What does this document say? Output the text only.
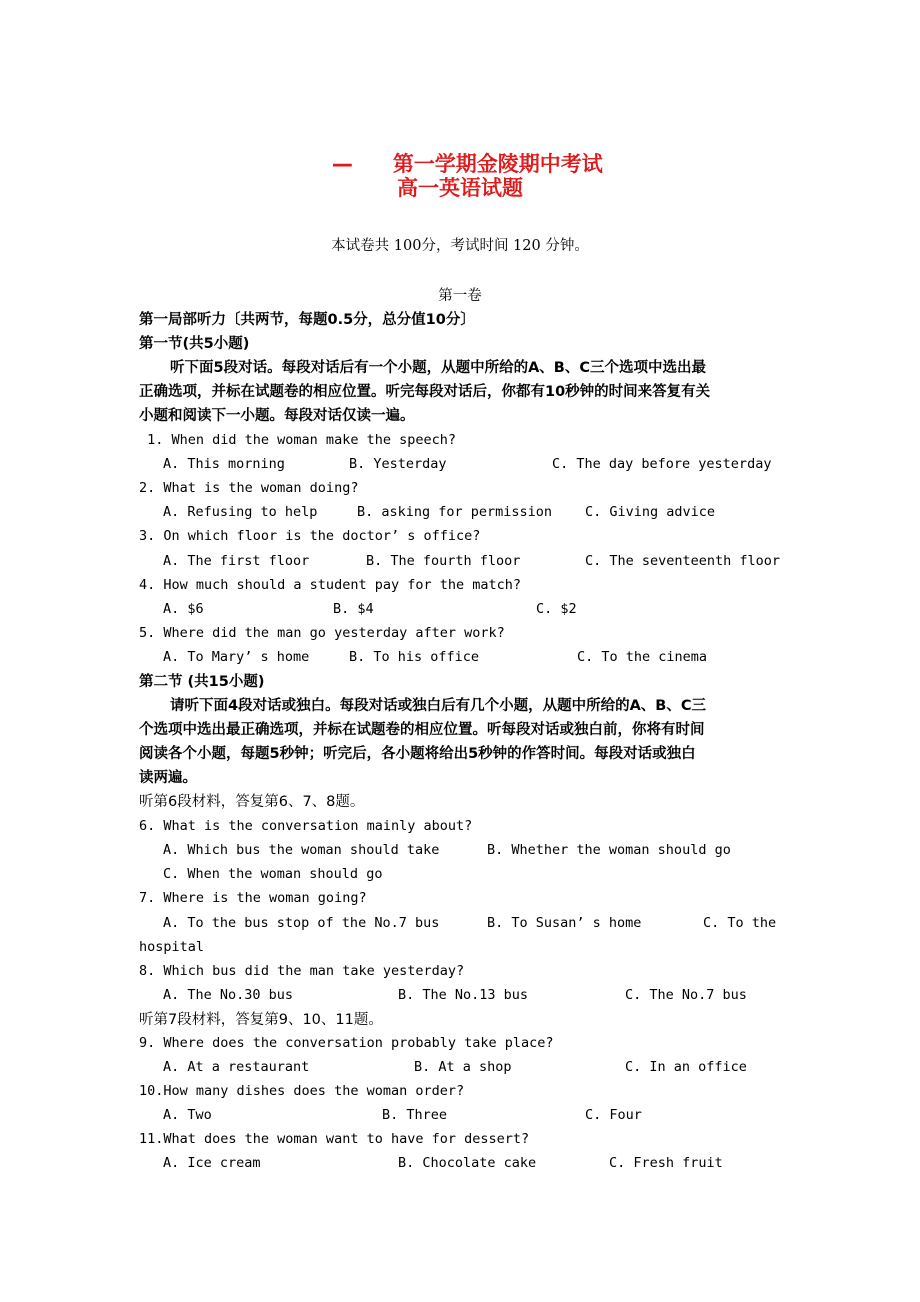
— 第一学期金陵期中考试

高一英语试题
本试卷共 100分，考试时间 120 分钟。
第一卷
第一局部听力〔共两节，每题0.5分，总分值10分〕
第一节(共5小题)
听下面5段对话。每段对话后有一个小题，从题中所给的A、B、C三个选项中选出最
正确选项，并标在试题卷的相应位置。听完每段对话后，你都有10秒钟的时间来答复有关
小题和阅读下一小题。每段对话仅读一遍。
1. When did the woman make the speech?
A. This morning	B. Yesterday	C. The day before yesterday
2. What is the woman doing?
A. Refusing to help	B. asking for permission C. Giving advice
3. On which floor is the doctor’ s office?
A. The first floor	B. The fourth floor	C. The seventeenth floor
4. How much should a student pay for the match?
A. $6	B. $4	C. $2
5. Where did the man go yesterday after work?
A. To Mary’ s home	B. To his office	C. To the cinema
第二节 (共15小题)
请听下面4段对话或独白。每段对话或独白后有几个小题，从题中所给的A、B、C三
个选项中选出最正确选项，并标在试题卷的相应位置。听每段对话或独白前，你将有时间
阅读各个小题，每题5秒钟；听完后，各小题将给出5秒钟的作答时间。每段对话或独白
读两遍。
听第6段材料，答复第6、7、8题。
6. What is the conversation mainly about?
A. Which bus the woman should take	B. Whether the woman should go
C. When the woman should go
7. Where is the woman going?
A. To the bus stop of the No.7 bus	B. To Susan’ s home	C. To the
hospital
8. Which bus did the man take yesterday?
A. The No.30 bus	B. The No.13 bus	C. The No.7 bus
听第7段材料，答复第9、10、11题。
9. Where does the conversation probably take place?
A. At a restaurant	B. At a shop	C. In an office
10.How many dishes does the woman order?
A. Two	B. Three	C. Four
11.What does the woman want to have for dessert?
A. Ice cream	B. Chocolate cake	C. Fresh fruit
